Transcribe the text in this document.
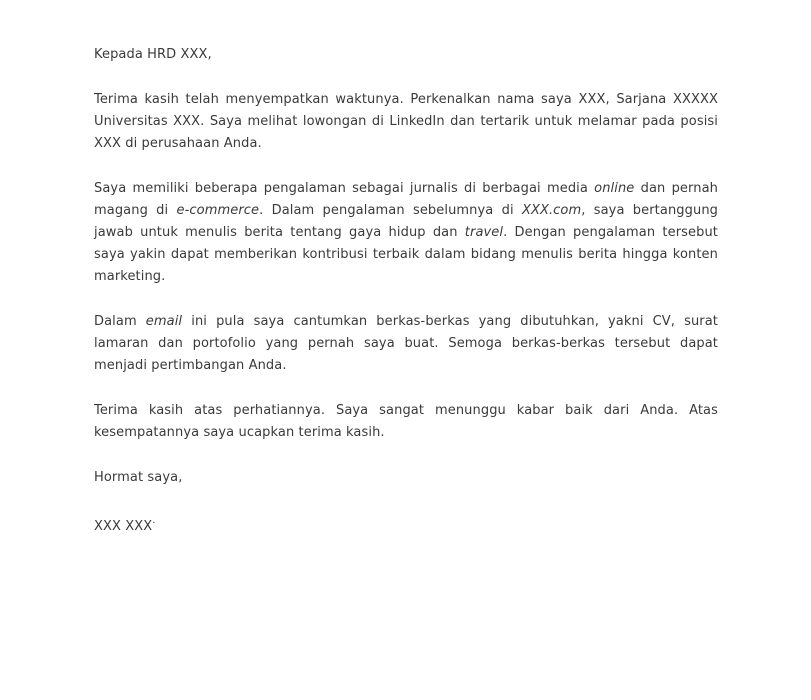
Kepada HRD XXX,

Terima kasih telah menyempatkan waktunya. Perkenalkan nama saya XXX, Sarjana XXXXX Universitas XXX. Saya melihat lowongan di LinkedIn dan tertarik untuk melamar pada posisi XXX di perusahaan Anda.

Saya memiliki beberapa pengalaman sebagai jurnalis di berbagai media online dan pernah magang di e-commerce. Dalam pengalaman sebelumnya di XXX.com, saya bertanggung jawab untuk menulis berita tentang gaya hidup dan travel. Dengan pengalaman tersebut saya yakin dapat memberikan kontribusi terbaik dalam bidang menulis berita hingga konten marketing.

Dalam email ini pula saya cantumkan berkas-berkas yang dibutuhkan, yakni CV, surat lamaran dan portofolio yang pernah saya buat. Semoga berkas-berkas tersebut dapat menjadi pertimbangan Anda.

Terima kasih atas perhatiannya. Saya sangat menunggu kabar baik dari Anda. Atas kesempatannya saya ucapkan terima kasih.

Hormat saya,

XXX XXX.
